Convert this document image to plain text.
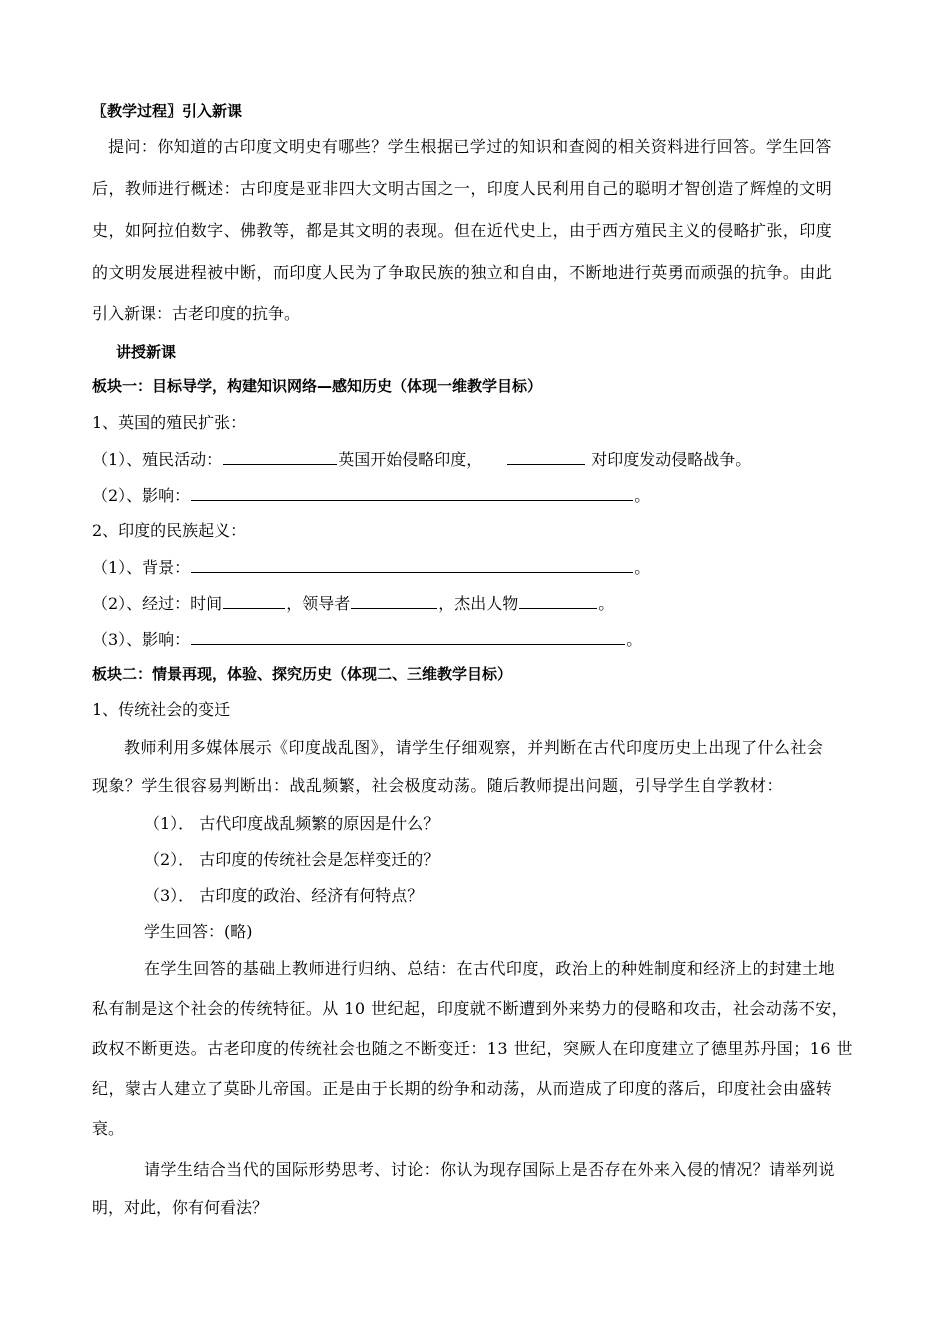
〖教学过程〗引入新课
提问：你知道的古印度文明史有哪些？学生根据已学过的知识和查阅的相关资料进行回答。学生回答
后，教师进行概述：古印度是亚非四大文明古国之一，印度人民利用自己的聪明才智创造了辉煌的文明
史，如阿拉伯数字、佛教等，都是其文明的表现。但在近代史上，由于西方殖民主义的侵略扩张，印度
的文明发展进程被中断，而印度人民为了争取民族的独立和自由，不断地进行英勇而顽强的抗争。由此
引入新课：古老印度的抗争。
讲授新课
板块一：目标导学，构建知识网络—感知历史（体现一维教学目标）
1、英国的殖民扩张：
（1）、殖民活动：	英国开始侵略印度，	对印度发动侵略战争。
（2）、影响：	。
2、印度的民族起义：
（1）、背景：	。
（2）、经过：时间	，领导者	，杰出人物	。
（3）、影响：	。
板块二：情景再现，体验、探究历史（体现二、三维教学目标）
1、传统社会的变迁
教师利用多媒体展示《印度战乱图》，请学生仔细观察，并判断在古代印度历史上出现了什么社会
现象？学生很容易判断出：战乱频繁，社会极度动荡。随后教师提出问题，引导学生自学教材：
（1）． 古代印度战乱频繁的原因是什么？
（2）． 古印度的传统社会是怎样变迁的？
（3）． 古印度的政治、经济有何特点？
学生回答：(略)
在学生回答的基础上教师进行归纳、总结：在古代印度，政治上的种姓制度和经济上的封建土地
私有制是这个社会的传统特征。从 10 世纪起，印度就不断遭到外来势力的侵略和攻击，社会动荡不安，
政权不断更迭。古老印度的传统社会也随之不断变迁：13 世纪，突厥人在印度建立了德里苏丹国；16 世
纪，蒙古人建立了莫卧儿帝国。正是由于长期的纷争和动荡，从而造成了印度的落后，印度社会由盛转
衰。
请学生结合当代的国际形势思考、讨论：你认为现存国际上是否存在外来入侵的情况？请举列说
明，对此，你有何看法？
